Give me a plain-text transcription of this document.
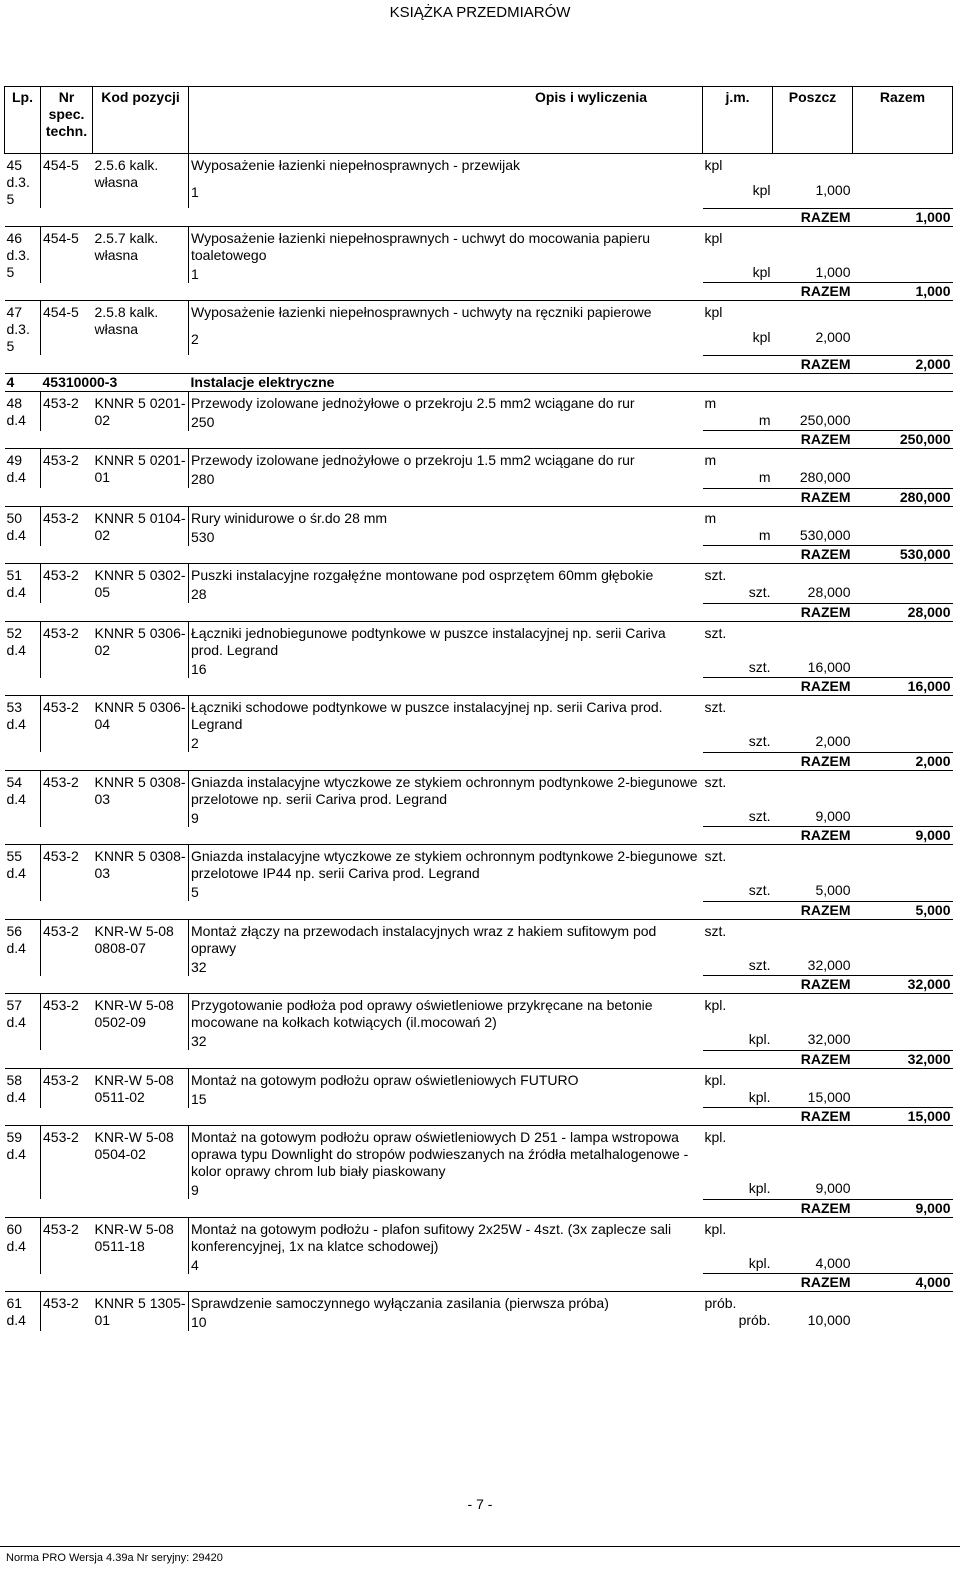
KSIĄŻKA PRZEDMIARÓW
Lp.	Nr spec. techn.	Kod pozycji	Opis i wyliczenia	j.m.	Poszcz	Razem
45 d.3. 5	454-5	2.5.6 kalk. własna	Wyposażenie łazienki niepełnosprawnych - przewijak	kpl		
			1	kpl	1,000	
				RAZEM		1,000
46 d.3. 5	454-5	2.5.7 kalk. własna	Wyposażenie łazienki niepełnosprawnych - uchwyt do mocowania papieru toaletowego	kpl		
			1	kpl	1,000	
				RAZEM		1,000
47 d.3. 5	454-5	2.5.8 kalk. własna	Wyposażenie łazienki niepełnosprawnych - uchwyty na ręczniki papierowe	kpl		
			2	kpl	2,000	
				RAZEM		2,000
4	45310000-3		Instalacje elektryczne			
48 d.4	453-2	KNNR 5 0201-02	Przewody izolowane jednożyłowe o przekroju 2.5 mm2 wciągane do rur	m		
			250	m	250,000	
				RAZEM		250,000
49 d.4	453-2	KNNR 5 0201-01	Przewody izolowane jednożyłowe o przekroju 1.5 mm2 wciągane do rur	m		
			280	m	280,000	
				RAZEM		280,000
50 d.4	453-2	KNNR 5 0104-02	Rury winidurowe o śr.do 28 mm	m		
			530	m	530,000	
				RAZEM		530,000
51 d.4	453-2	KNNR 5 0302-05	Puszki instalacyjne rozgałęźne montowane pod osprzętem 60mm głębokie	szt.		
			28	szt.	28,000	
				RAZEM		28,000
52 d.4	453-2	KNNR 5 0306-02	Łączniki jednobiegunowe podtynkowe w puszce instalacyjnej np. serii Cariva prod. Legrand	szt.		
			16	szt.	16,000	
				RAZEM		16,000
53 d.4	453-2	KNNR 5 0306-04	Łączniki schodowe podtynkowe w puszce instalacyjnej np. serii Cariva prod. Legrand	szt.		
			2	szt.	2,000	
				RAZEM		2,000
54 d.4	453-2	KNNR 5 0308-03	Gniazda instalacyjne wtyczkowe ze stykiem ochronnym podtynkowe 2-biegunowe przelotowe np. serii Cariva prod. Legrand	szt.		
			9	szt.	9,000	
				RAZEM		9,000
55 d.4	453-2	KNNR 5 0308-03	Gniazda instalacyjne wtyczkowe ze stykiem ochronnym podtynkowe 2-biegunowe przelotowe IP44 np. serii Cariva prod. Legrand	szt.		
			5	szt.	5,000	
				RAZEM		5,000
56 d.4	453-2	KNR-W 5-08 0808-07	Montaż złączy na przewodach instalacyjnych wraz z hakiem sufitowym pod oprawy	szt.		
			32	szt.	32,000	
				RAZEM		32,000
57 d.4	453-2	KNR-W 5-08 0502-09	Przygotowanie podłoża pod oprawy oświetleniowe przykręcane na betonie mocowane na kołkach kotwiących (il.mocowań 2)	kpl.		
			32	kpl.	32,000	
				RAZEM		32,000
58 d.4	453-2	KNR-W 5-08 0511-02	Montaż na gotowym podłożu opraw oświetleniowych FUTURO	kpl.		
			15	kpl.	15,000	
				RAZEM		15,000
59 d.4	453-2	KNR-W 5-08 0504-02	Montaż na gotowym podłożu opraw oświetleniowych D 251 - lampa wstropowa oprawa typu Downlight do stropów podwieszanych na źródła metalhalogenowe - kolor oprawy chrom lub biały piaskowany	kpl.		
			9	kpl.	9,000	
				RAZEM		9,000
60 d.4	453-2	KNR-W 5-08 0511-18	Montaż na gotowym podłożu - plafon sufitowy 2x25W - 4szt. (3x zaplecze sali konferencyjnej, 1x na klatce schodowej)	kpl.		
			4	kpl.	4,000	
				RAZEM		4,000
61 d.4	453-2	KNNR 5 1305-01	Sprawdzenie samoczynnego wyłączania zasilania (pierwsza próba)	prób.		
			10	prób.	10,000	
- 7 -
Norma PRO Wersja 4.39a Nr seryjny: 29420
